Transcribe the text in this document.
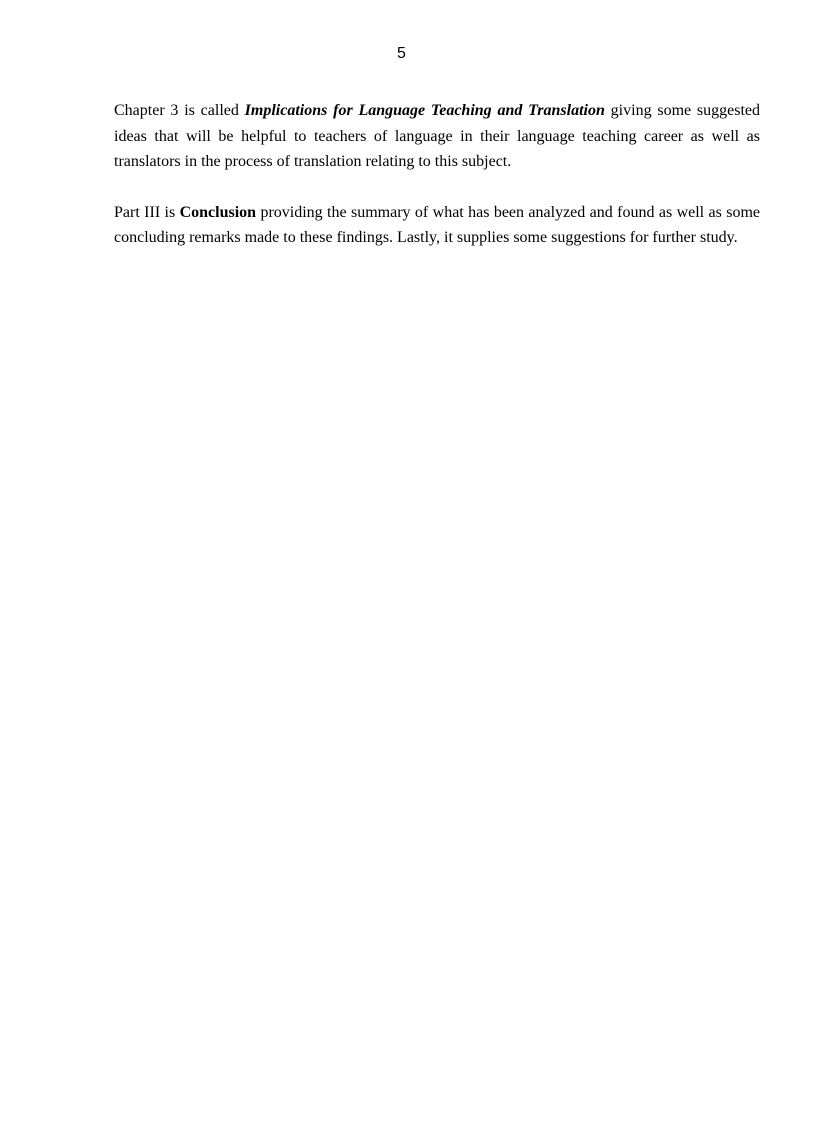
5

Chapter 3 is called Implications for Language Teaching and Translation giving some suggested ideas that will be helpful to teachers of language in their language teaching career as well as translators in the process of translation relating to this subject.

Part III is Conclusion providing the summary of what has been analyzed and found as well as some concluding remarks made to these findings. Lastly, it supplies some suggestions for further study.
